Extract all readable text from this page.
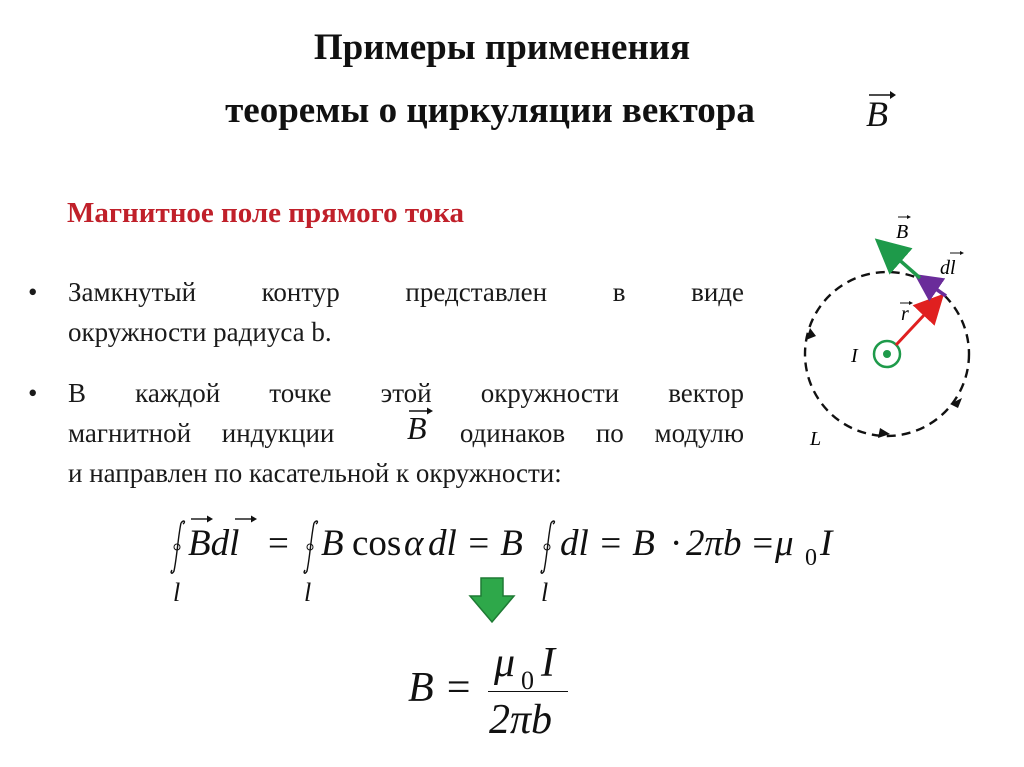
Примеры применения
теоремы о циркуляции вектора	B
Магнитное поле прямого тока
• Замкнутый контур представлен в виде
окружности радиуса b.
• В каждой точке этой окружности вектор
магнитной индукции	одинаков по модулю
и направлен по касательной к окружности:
B
l
Bdl =
l
B cos α dl = B
l
dl = B · 2πb =μ 0 I
B =
μ 0 I
2πb
B
dl
r
I
L
